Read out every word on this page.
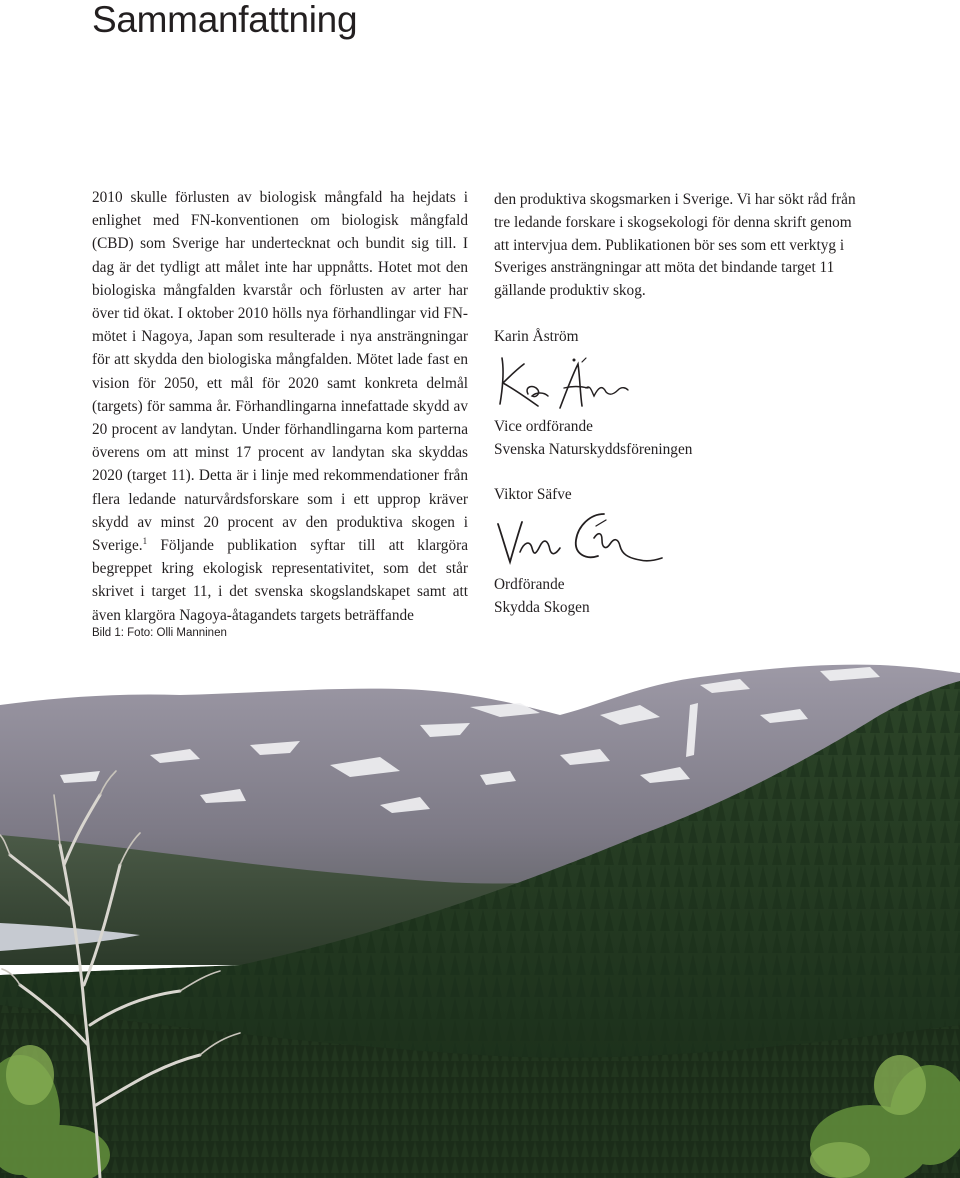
Sammanfattning

2010 skulle förlusten av biologisk mångfald ha hejdats i enlighet med FN-konventionen om biologisk mångfald (CBD) som Sverige har undertecknat och bundit sig till. I dag är det tydligt att målet inte har uppnåtts. Hotet mot den biologiska mångfalden kvarstår och förlusten av arter har över tid ökat. I oktober 2010 hölls nya förhandlingar vid FN-mötet i Nagoya, Japan som resulterade i nya ansträngningar för att skydda den biologiska mångfalden. Mötet lade fast en vision för 2050, ett mål för 2020 samt konkreta delmål (targets) för samma år. Förhandlingarna innefattade skydd av 20 procent av landytan. Under förhandlingarna kom parterna överens om att minst 17 procent av landytan ska skyddas 2020 (target 11). Detta är i linje med rekommendationer från flera ledande naturvårdsforskare som i ett upprop kräver skydd av minst 20 procent av den produktiva skogen i Sverige.$^1$ Följande publikation syftar till att klargöra begreppet kring ekologisk representativitet, som det står skrivet i target 11, i det svenska skogslandskapet samt att även klargöra Nagoya-åtagandets targets beträffande

den produktiva skogsmarken i Sverige. Vi har sökt råd från tre ledande forskare i skogsekologi för denna skrift genom att intervjua dem. Publikationen bör ses som ett verktyg i Sveriges ansträngningar att möta det bindande target 11 gällande produktiv skog.

Karin Åström
Vice ordförande
Svenska Naturskyddsföreningen
Viktor Säfve
Ordförande
Skydda Skogen
Bild 1: Foto: Olli Manninen
